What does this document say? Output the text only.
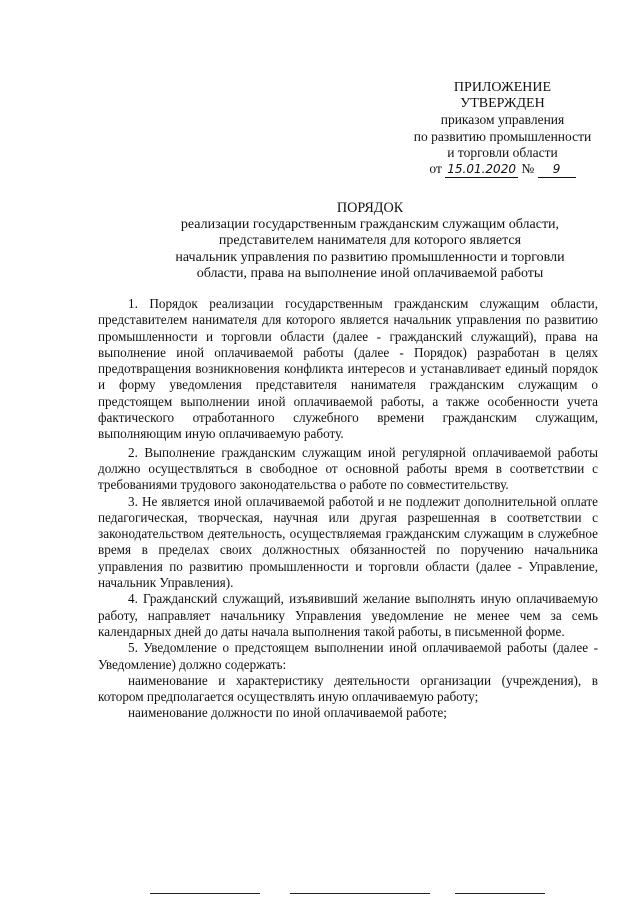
ПРИЛОЖЕНИЕ
УТВЕРЖДЕН
приказом управления
по развитию промышленности
и торговли области
от 15.01.2020 № 9
ПОРЯДОК
реализации государственным гражданским служащим области,
представителем нанимателя для которого является
начальник управления по развитию промышленности и торговли
области, права на выполнение иной оплачиваемой работы

1. Порядок реализации государственным гражданским служащим области, представителем нанимателя для которого является начальник управления по развитию промышленности и торговли области (далее - гражданский служащий), права на выполнение иной оплачиваемой работы (далее - Порядок) разработан в целях предотвращения возникновения конфликта интересов и устанавливает единый порядок и форму уведомления представителя нанимателя гражданским служащим о предстоящем выполнении иной оплачиваемой работы, а также особенности учета фактического отработанного служебного времени гражданским служащим, выполняющим иную оплачиваемую работу.

2. Выполнение гражданским служащим иной регулярной оплачиваемой работы должно осуществляться в свободное от основной работы время в соответствии с требованиями трудового законодательства о работе по совместительству.

3. Не является иной оплачиваемой работой и не подлежит дополнительной оплате педагогическая, творческая, научная или другая разрешенная в соответствии с законодательством деятельность, осуществляемая гражданским служащим в служебное время в пределах своих должностных обязанностей по поручению начальника управления по развитию промышленности и торговли области (далее - Управление, начальник Управления).

4. Гражданский служащий, изъявивший желание выполнять иную оплачиваемую работу, направляет начальнику Управления уведомление не менее чем за семь календарных дней до даты начала выполнения такой работы, в письменной форме.

5. Уведомление о предстоящем выполнении иной оплачиваемой работы (далее - Уведомление) должно содержать:

наименование и характеристику деятельности организации (учреждения), в котором предполагается осуществлять иную оплачиваемую работу;

наименование должности по иной оплачиваемой работе;
